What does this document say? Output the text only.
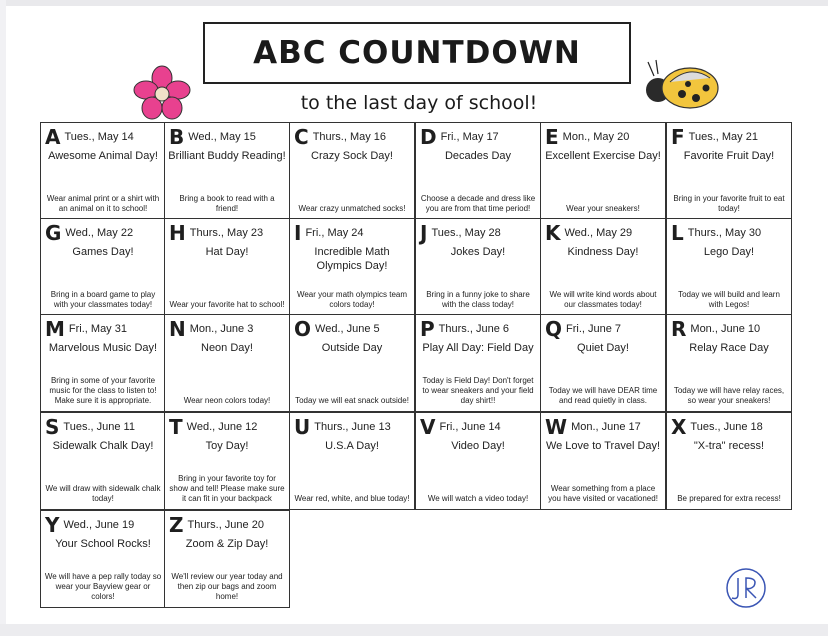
ABC COUNTDOWN
to the last day of school!
A Tues., May 14
Awesome Animal Day!
Wear animal print or a shirt with an animal on it to school!
B Wed., May 15
Brilliant Buddy Reading!
Bring a book to read with a friend!
C Thurs., May 16
Crazy Sock Day!
Wear crazy unmatched socks!
D Fri., May 17
Decades Day
Choose a decade and dress like you are from that time period!
E Mon., May 20
Excellent Exercise Day!
Wear your sneakers!
F Tues., May 21
Favorite Fruit Day!
Bring in your favorite fruit to eat today!
G Wed., May 22
Games Day!
Bring in a board game to play with your classmates today!
H Thurs., May 23
Hat Day!
Wear your favorite hat to school!
I Fri., May 24
Incredible Math Olympics Day!
Wear your math olympics team colors today!
J Tues., May 28
Jokes Day!
Bring in a funny joke to share with the class today!
K Wed., May 29
Kindness Day!
We will write kind words about our classmates today!
L Thurs., May 30
Lego Day!
Today we will build and learn with Legos!
M Fri., May 31
Marvelous Music Day!
Bring in some of your favorite music for the class to listen to! Make sure it is appropriate.
N Mon., June 3
Neon Day!
Wear neon colors today!
O Wed., June 5
Outside Day
Today we will eat snack outside!
P Thurs., June 6
Play All Day: Field Day
Today is Field Day! Don't forget to wear sneakers and your field day shirt!!
Q Fri., June 7
Quiet Day!
Today we will have DEAR time and read quietly in class.
R Mon., June 10
Relay Race Day
Today we will have relay races, so wear your sneakers!
S Tues., June 11
Sidewalk Chalk Day!
We will draw with sidewalk chalk today!
T Wed., June 12
Toy Day!
Bring in your favorite toy for show and tell! Please make sure it can fit in your backpack
U Thurs., June 13
U.S.A Day!
Wear red, white, and blue today!
V Fri., June 14
Video Day!
We will watch a video today!
W Mon., June 17
We Love to Travel Day!
Wear something from a place you have visited or vacationed!
X Tues., June 18
"X-tra" recess!
Be prepared for extra recess!
Y Wed., June 19
Your School Rocks!
We will have a pep rally today so wear your Bayview gear or colors!
Z Thurs., June 20
Zoom & Zip Day!
We'll review our year today and then zip our bags and zoom home!
